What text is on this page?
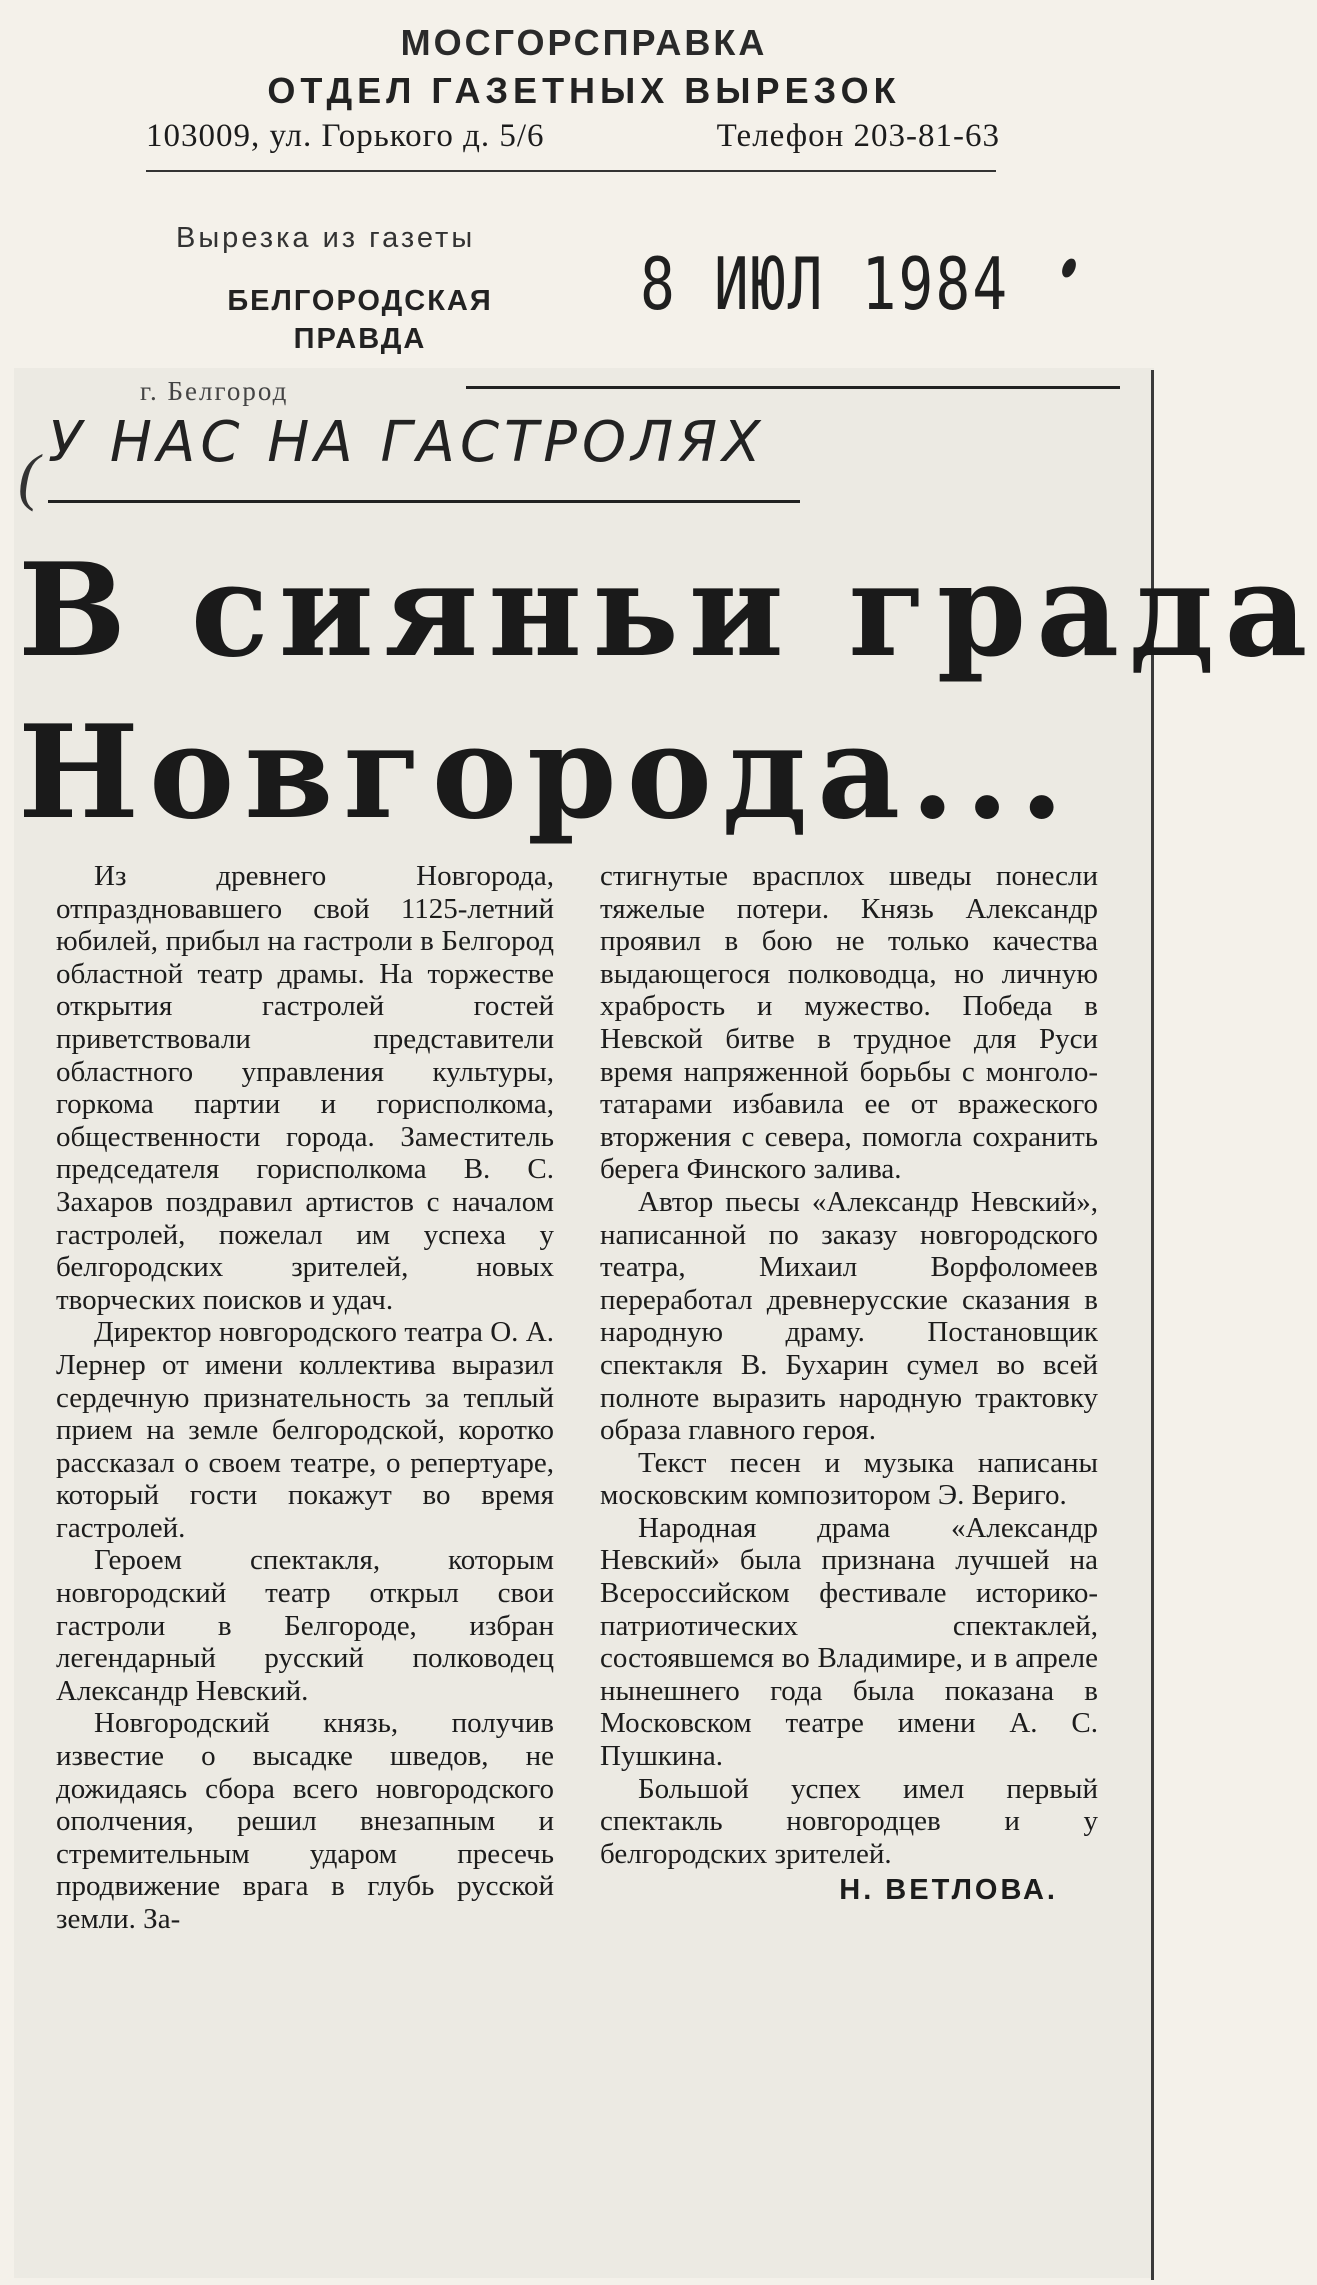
МОСГОРСПРАВКА
ОТДЕЛ ГАЗЕТНЫХ ВЫРЕЗОК
103009, ул. Горького д. 5/6	Телефон 203-81-63
Вырезка из газеты
БЕЛГОРОДСКАЯ ПРАВДА
8 ИЮЛ 1984
г. Белгород
( У НАС НА ГАСТРОЛЯХ
В сияньи града
Новгорода...

Из древнего Новгорода, отпраздновавшего свой 1125-летний юбилей, прибыл на гастроли в Белгород областной театр драмы. На торжестве открытия гастролей гостей приветствовали представители областного управления культуры, горкома партии и горисполкома, общественности города. Заместитель председателя горисполкома В. С. Захаров поздравил артистов с началом гастролей, пожелал им успеха у белгородских зрителей, новых творческих поисков и удач.

Директор новгородского театра О. А. Лернер от имени коллектива выразил сердечную признательность за теплый прием на земле белгородской, коротко рассказал о своем театре, о репертуаре, который гости покажут во время гастролей.

Героем спектакля, которым новгородский театр открыл свои гастроли в Белгороде, избран легендарный русский полководец Александр Невский.

Новгородский князь, получив известие о высадке шведов, не дожидаясь сбора всего новгородского ополчения, решил внезапным и стремительным ударом пресечь продвижение врага в глубь русской земли. За-

стигнутые врасплох шведы понесли тяжелые потери. Князь Александр проявил в бою не только качества выдающегося полководца, но личную храбрость и мужество. Победа в Невской битве в трудное для Руси время напряженной борьбы с монголо-татарами избавила ее от вражеского вторжения с севера, помогла сохранить берега Финского залива.

Автор пьесы «Александр Невский», написанной по заказу новгородского театра, Михаил Ворфоломеев переработал древнерусские сказания в народную драму. Постановщик спектакля В. Бухарин сумел во всей полноте выразить народную трактовку образа главного героя.

Текст песен и музыка написаны московским композитором Э. Вериго.

Народная драма «Александр Невский» была признана лучшей на Всероссийском фестивале историко-патриотических спектаклей, состоявшемся во Владимире, и в апреле нынешнего года была показана в Московском театре имени А. С. Пушкина.

Большой успех имел первый спектакль новгородцев и у белгородских зрителей.

Н. ВЕТЛОВА.
